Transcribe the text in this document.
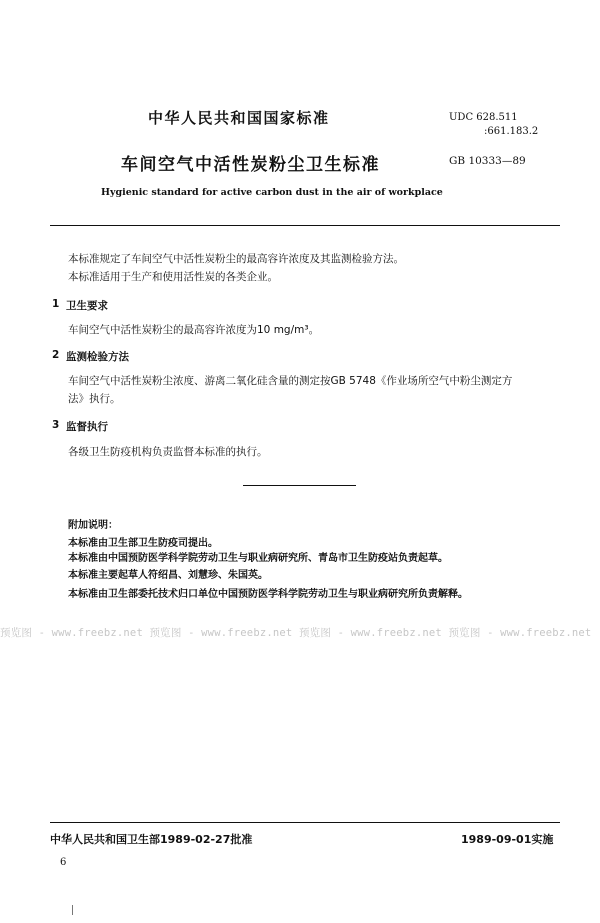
中华人民共和国国家标准	UDC 628.511
:661.183.2
GB 10333—89
车间空气中活性炭粉尘卫生标准
Hygienic standard for active carbon dust in the air of workplace
本标准规定了车间空气中活性炭粉尘的最高容许浓度及其监测检验方法。
本标准适用于生产和使用活性炭的各类企业。
1 卫生要求
车间空气中活性炭粉尘的最高容许浓度为10 mg/m³。
2 监测检验方法
车间空气中活性炭粉尘浓度、游离二氧化硅含量的测定按GB 5748《作业场所空气中粉尘测定方
法》执行。
3 监督执行
各级卫生防疫机构负责监督本标准的执行。
附加说明：
本标准由卫生部卫生防疫司提出。
本标准由中国预防医学科学院劳动卫生与职业病研究所、青岛市卫生防疫站负责起草。
本标准主要起草人符绍昌、刘慧珍、朱国英。
本标准由卫生部委托技术归口单位中国预防医学科学院劳动卫生与职业病研究所负责解释。
预览图 - www.freebz.net 预览图 - www.freebz.net 预览图 - www.freebz.net 预览图 - www.freebz.net
中华人民共和国卫生部1989-02-27批准	1989-09-01实施
6
